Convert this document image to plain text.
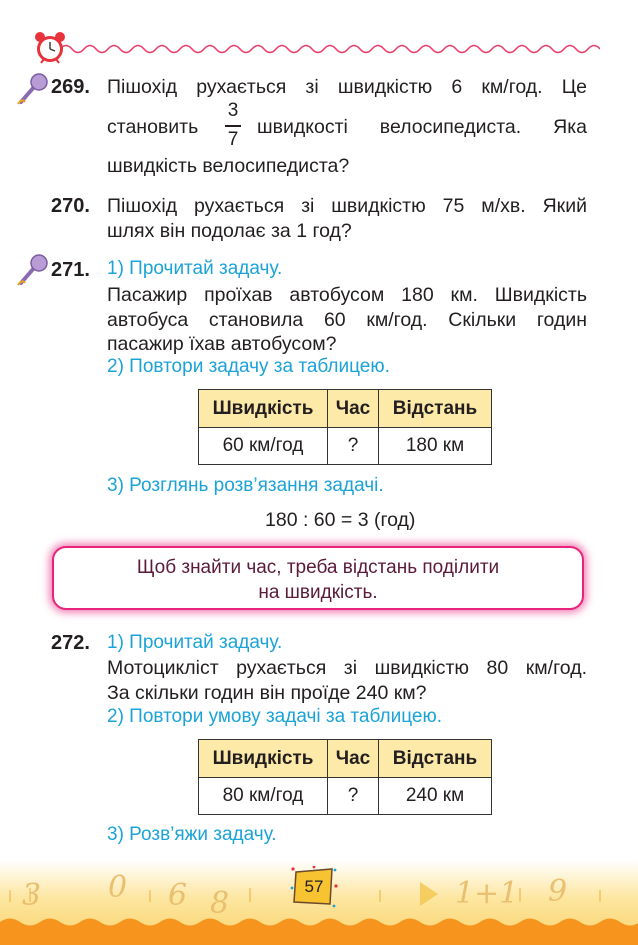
269. Пішохід рухається зі швидкістю 6 км/год. Це
становить
3
7
швидкості велосипедиста. Яка
швидкість велосипедиста?
270. Пішохід рухається зі швидкістю 75 м/хв. Який
шлях він подолає за 1 год?
271. 1) Прочитай задачу.
Пасажир проїхав автобусом 180 км. Швидкість
автобуса становила 60 км/год. Скільки годин
пасажир їхав автобусом?
2) Повтори задачу за таблицею.
Швидкість	Час	Відстань
60 км/год	?	180 км
3) Розглянь розв’язання задачі.
180 : 60 = 3 (год)
Щоб знайти час, треба відстань поділити
на швидкість.
272. 1) Прочитай задачу.
Мотоцикліст рухається зі швидкістю 80 км/год.
За скільки годин він проїде 240 км?
2) Повтори умову задачі за таблицею.
Швидкість	Час	Відстань
80 км/год	?	240 км
3) Розв’яжи задачу.
3 0 6 8	1+1 9
57
